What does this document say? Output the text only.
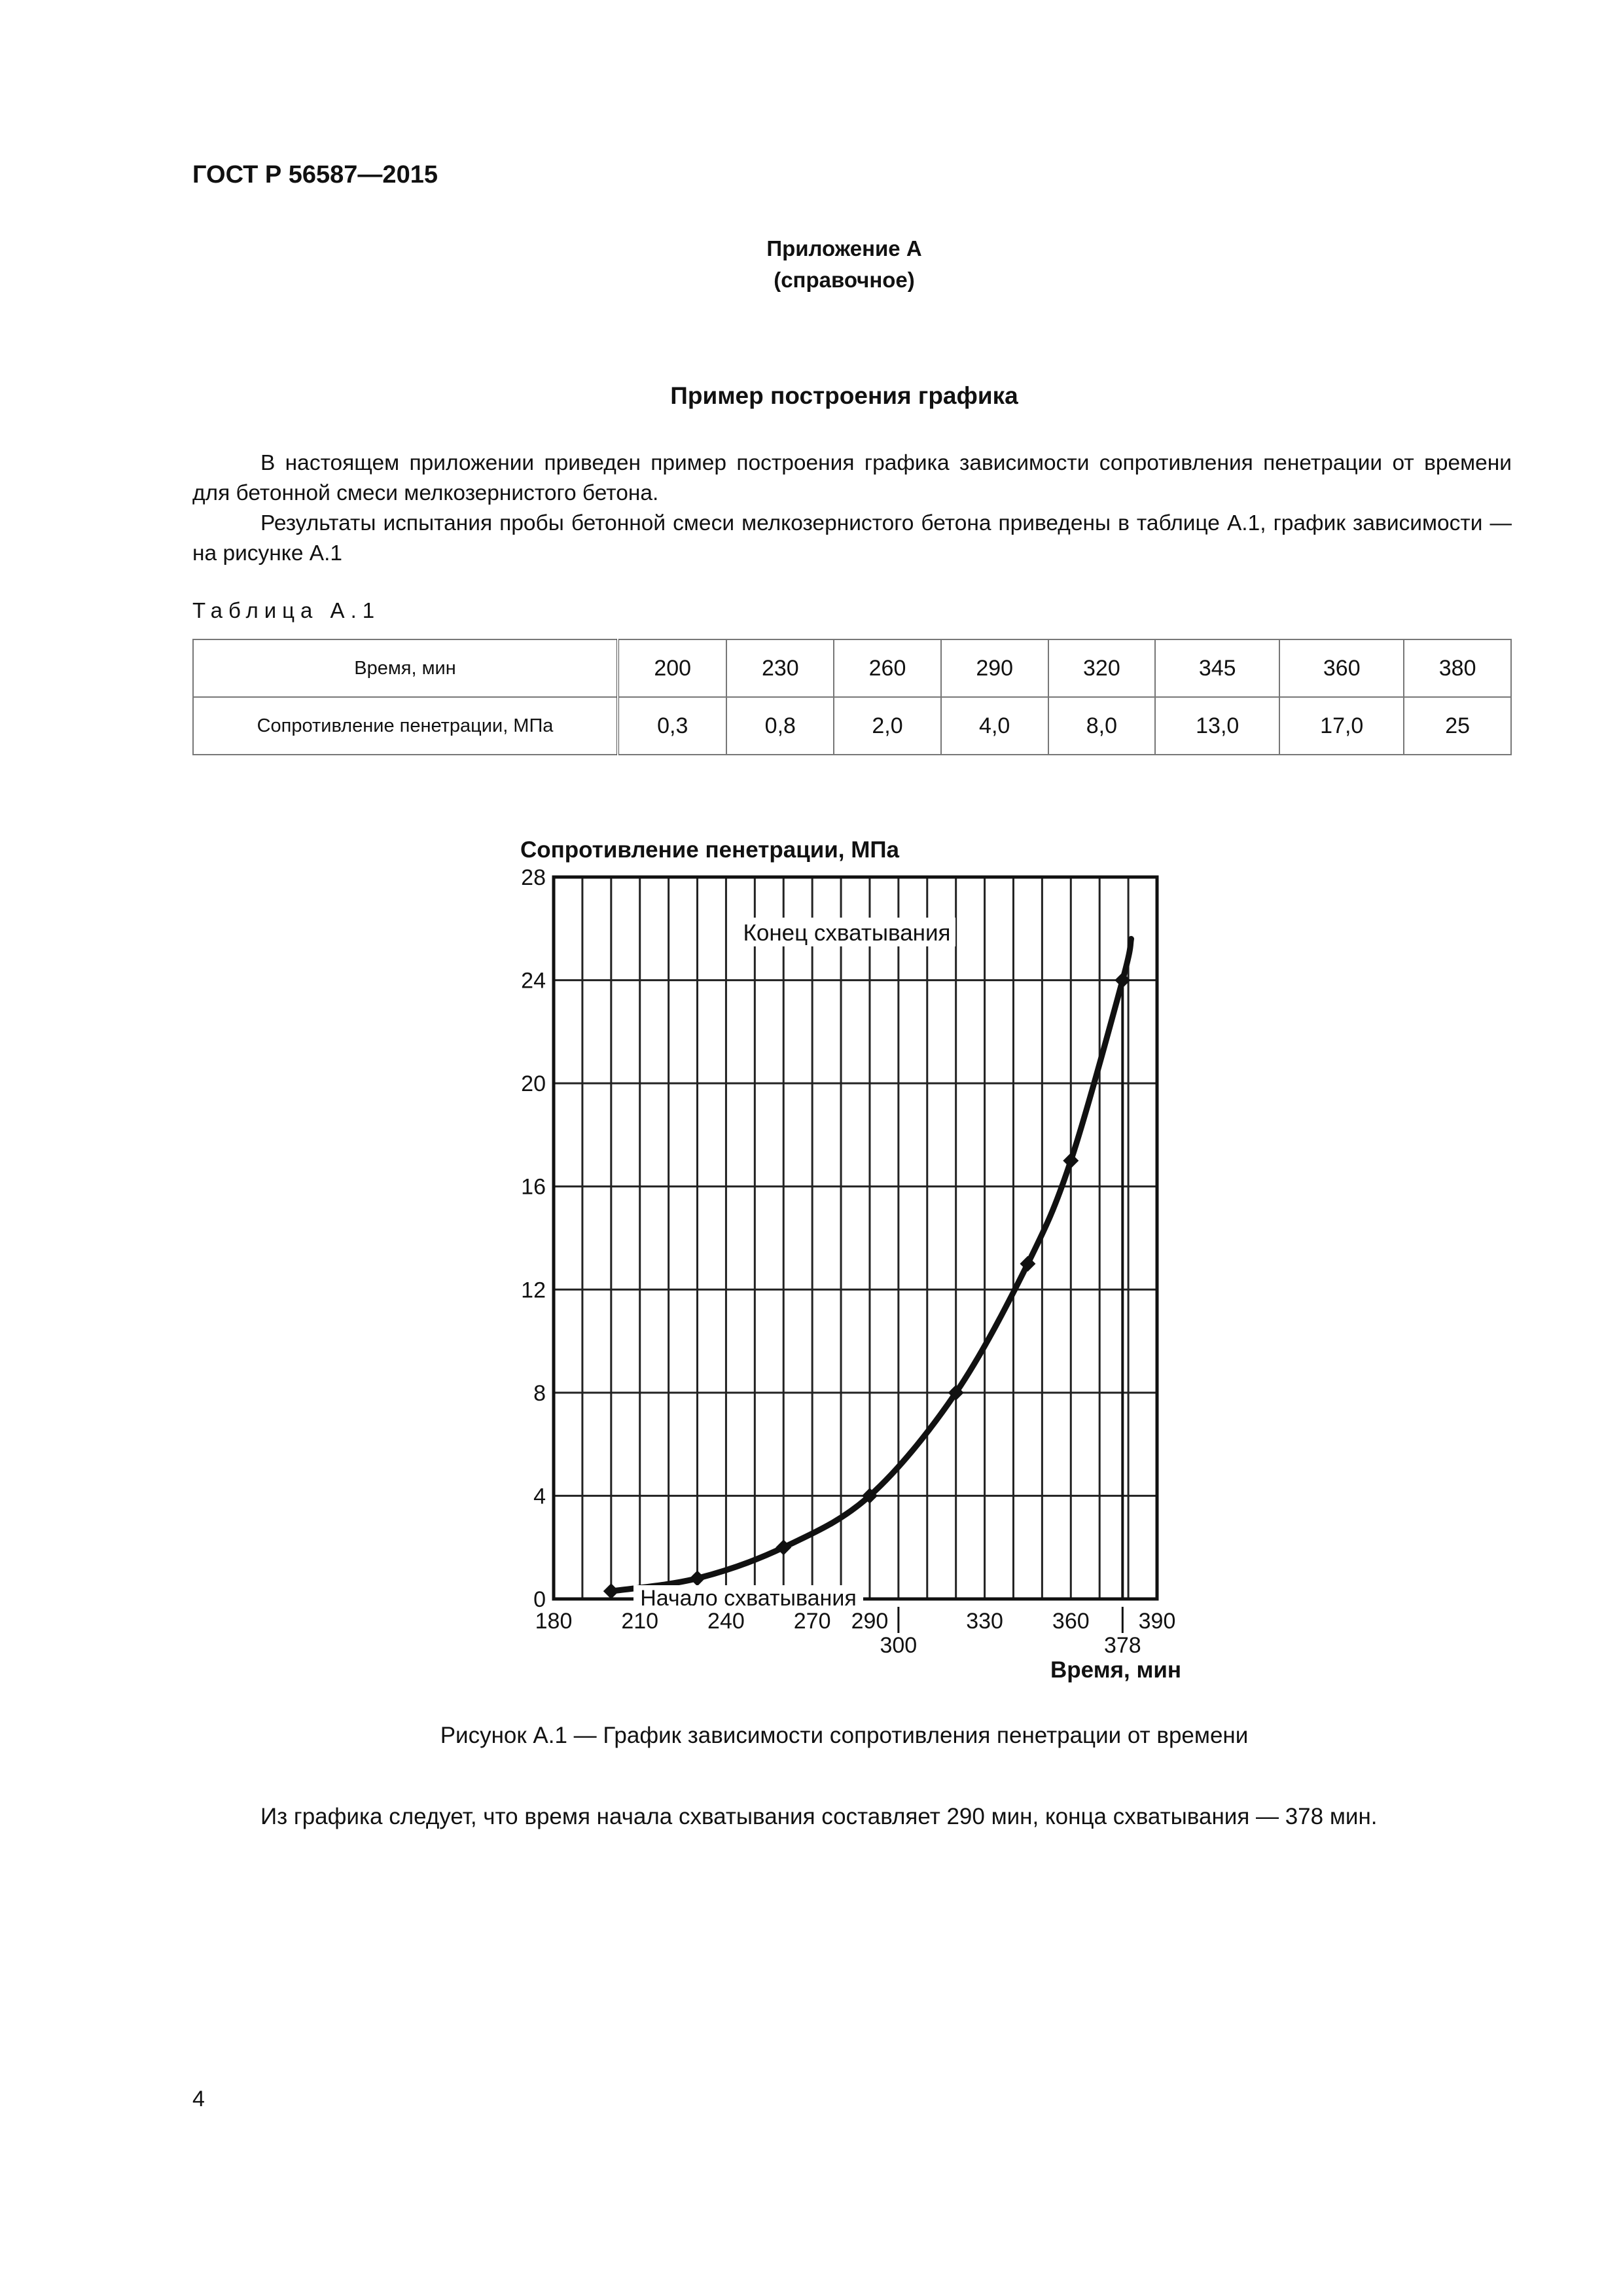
ГОСТ Р 56587—2015
Приложение А
(справочное)
Пример построения графика
В настоящем приложении приведен пример построения графика зависимости сопротивления пенетрации от времени для бетонной смеси мелкозернистого бетона.
Результаты испытания пробы бетонной смеси мелкозернистого бетона приведены в таблице А.1, график зависимости — на рисунке А.1
Таблица А.1
Время, мин	200	230	260	290	320	345	360	380
Сопротивление пенетрации, МПа	0,3	0,8	2,0	4,0	8,0	13,0	17,0	25
0
4
8
12
16
20
24
28
180 210 240 270 290	330 360 390
300	378
Сопротивление пенетрации, МПа
Время, мин
Начало схватывания
Конец схватывания
Рисунок А.1 — График зависимости сопротивления пенетрации от времени
Из графика следует, что время начала схватывания составляет 290 мин, конца схватывания — 378 мин.
4
